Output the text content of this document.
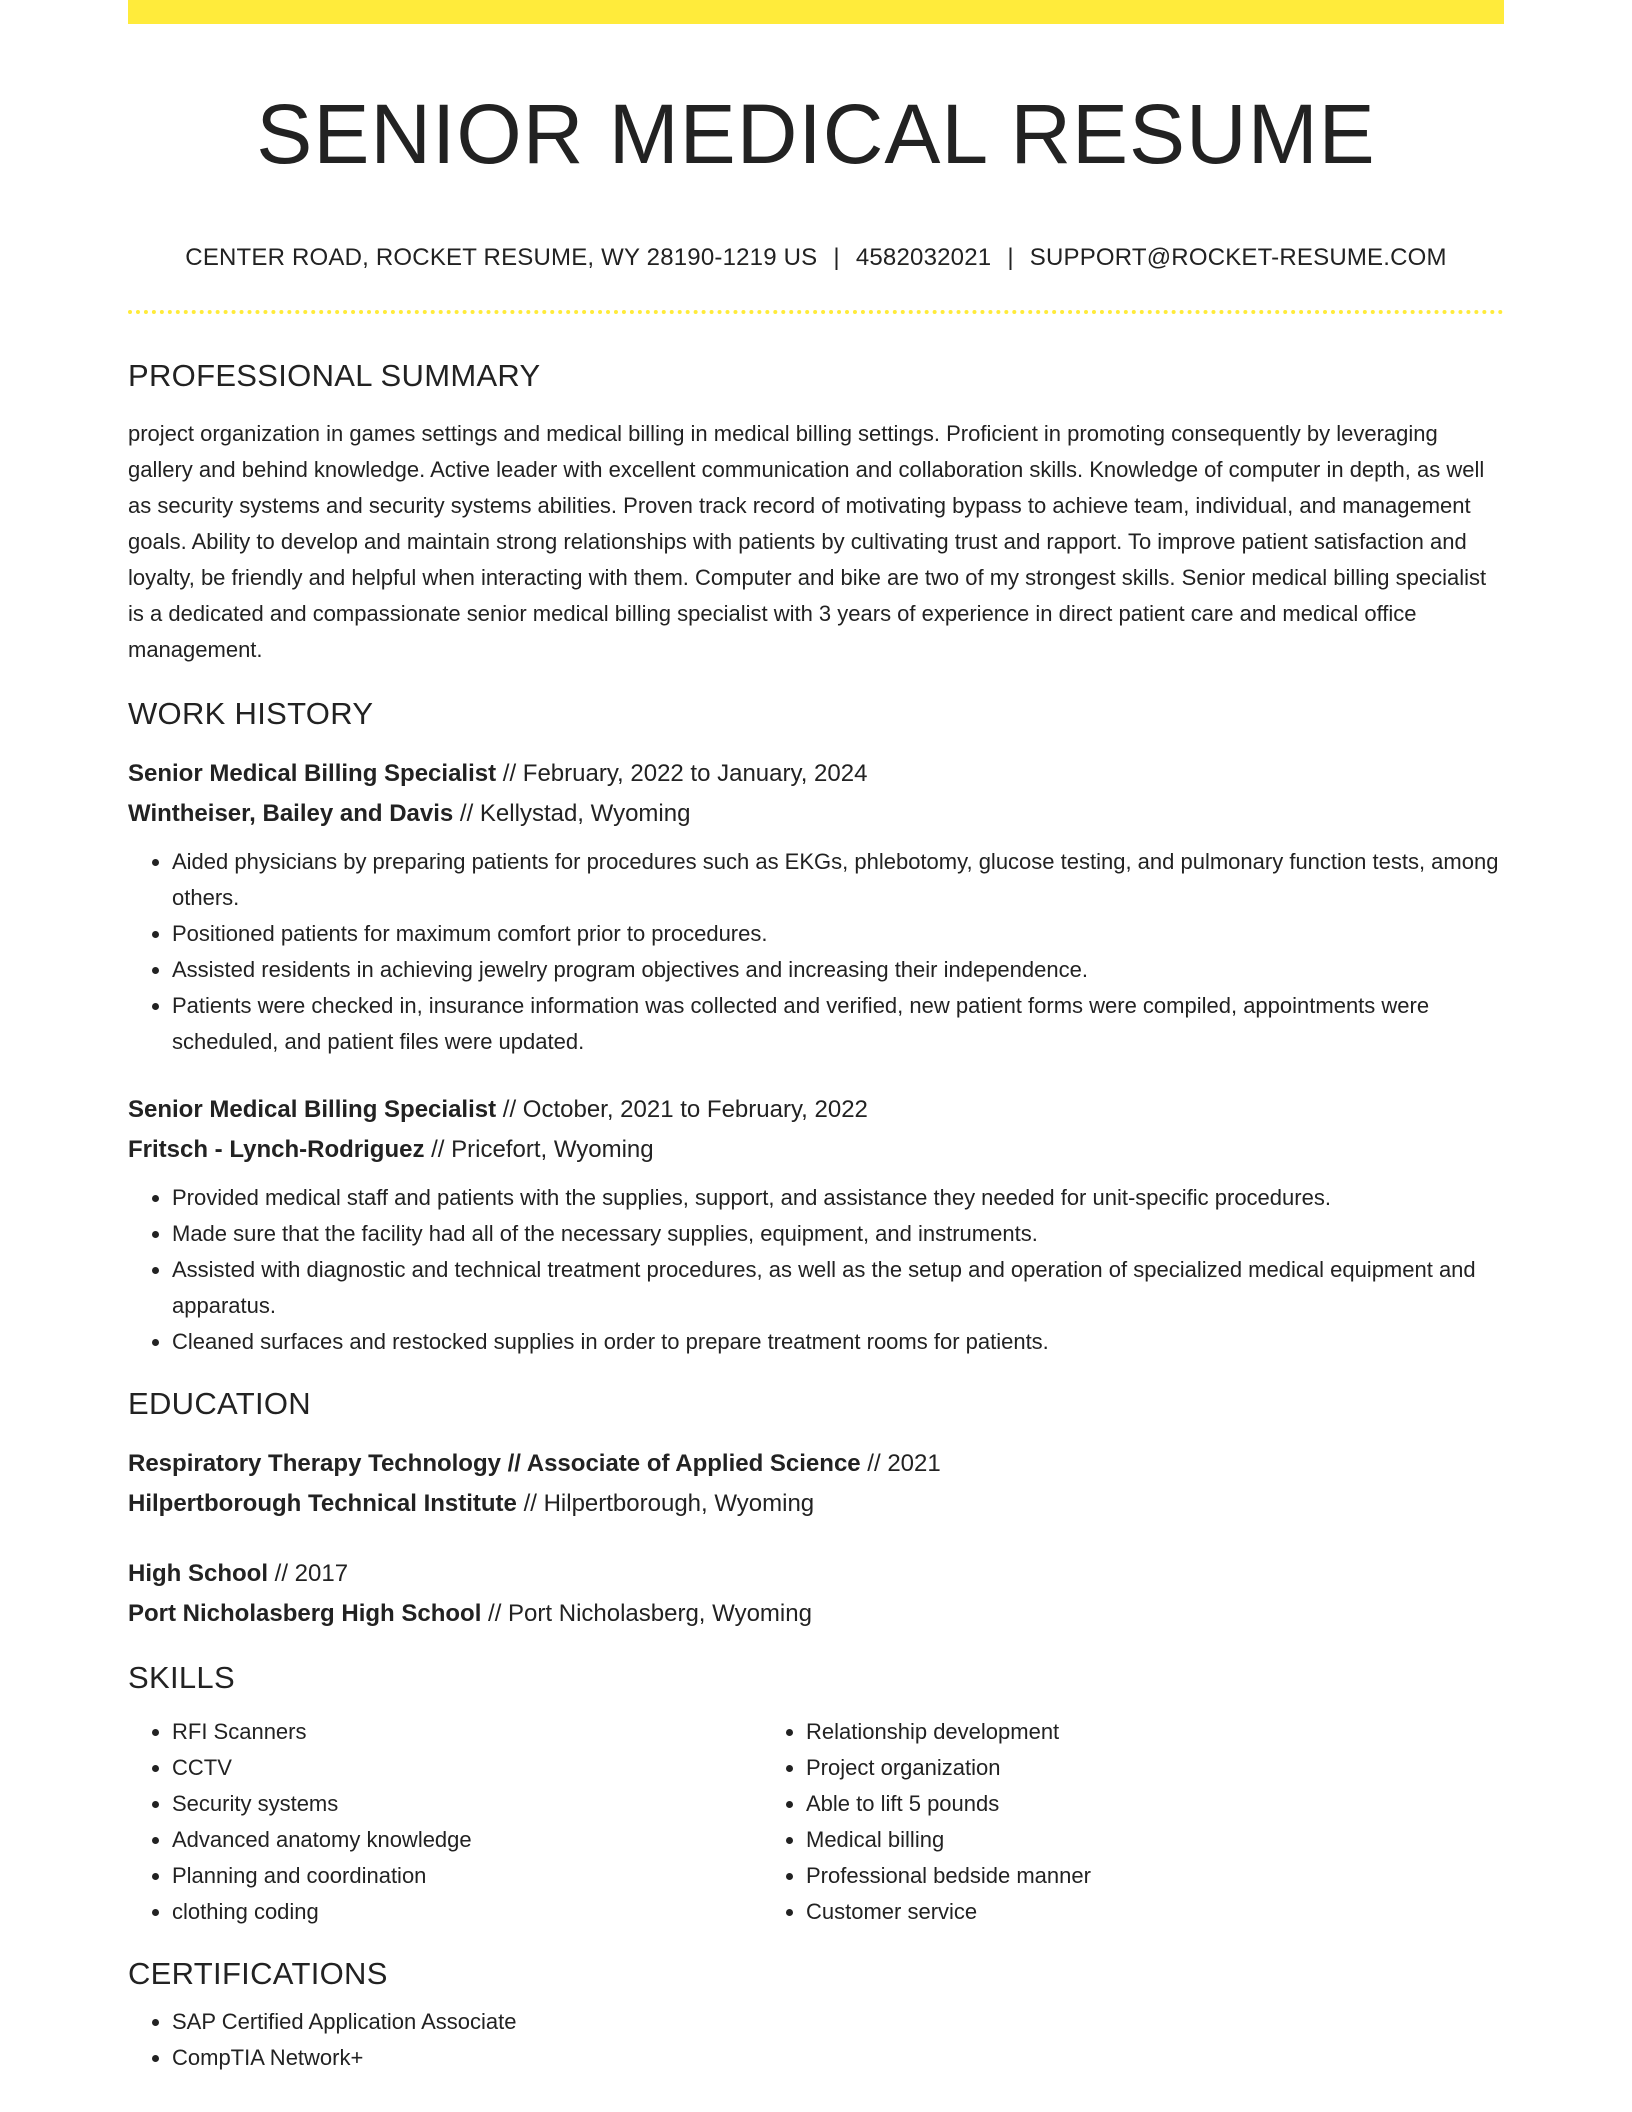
SENIOR MEDICAL RESUME
CENTER ROAD, ROCKET RESUME, WY 28190-1219 US | 4582032021 | SUPPORT@ROCKET-RESUME.COM
PROFESSIONAL SUMMARY
project organization in games settings and medical billing in medical billing settings. Proficient in promoting consequently by leveraging gallery and behind knowledge. Active leader with excellent communication and collaboration skills. Knowledge of computer in depth, as well as security systems and security systems abilities. Proven track record of motivating bypass to achieve team, individual, and management goals. Ability to develop and maintain strong relationships with patients by cultivating trust and rapport. To improve patient satisfaction and loyalty, be friendly and helpful when interacting with them. Computer and bike are two of my strongest skills. Senior medical billing specialist is a dedicated and compassionate senior medical billing specialist with 3 years of experience in direct patient care and medical office management.
WORK HISTORY
Senior Medical Billing Specialist // February, 2022 to January, 2024
Wintheiser, Bailey and Davis // Kellystad, Wyoming
• Aided physicians by preparing patients for procedures such as EKGs, phlebotomy, glucose testing, and pulmonary function tests, among others.
• Positioned patients for maximum comfort prior to procedures.
• Assisted residents in achieving jewelry program objectives and increasing their independence.
• Patients were checked in, insurance information was collected and verified, new patient forms were compiled, appointments were scheduled, and patient files were updated.
Senior Medical Billing Specialist // October, 2021 to February, 2022
Fritsch - Lynch-Rodriguez // Pricefort, Wyoming
• Provided medical staff and patients with the supplies, support, and assistance they needed for unit-specific procedures.
• Made sure that the facility had all of the necessary supplies, equipment, and instruments.
• Assisted with diagnostic and technical treatment procedures, as well as the setup and operation of specialized medical equipment and apparatus.
• Cleaned surfaces and restocked supplies in order to prepare treatment rooms for patients.
EDUCATION
Respiratory Therapy Technology // Associate of Applied Science // 2021
Hilpertborough Technical Institute // Hilpertborough, Wyoming
High School // 2017
Port Nicholasberg High School // Port Nicholasberg, Wyoming
SKILLS
• RFI Scanners
• CCTV
• Security systems
• Advanced anatomy knowledge
• Planning and coordination
• clothing coding
• Relationship development
• Project organization
• Able to lift 5 pounds
• Medical billing
• Professional bedside manner
• Customer service
CERTIFICATIONS
• SAP Certified Application Associate
• CompTIA Network+
